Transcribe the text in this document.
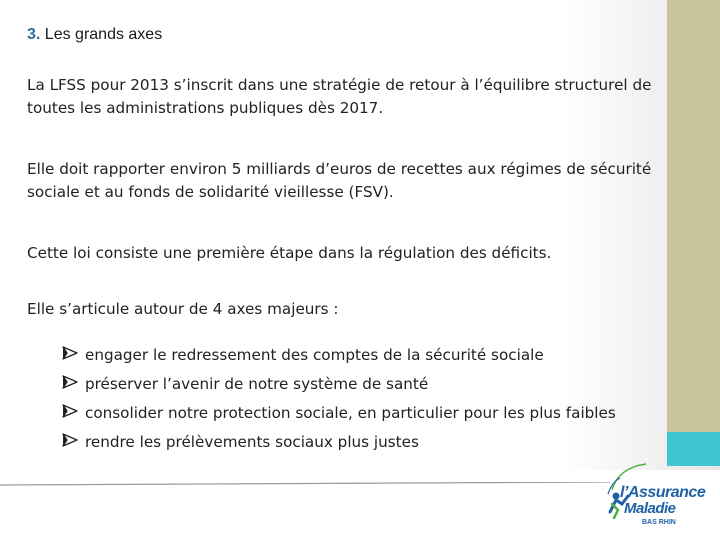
3. Les grands axes
La LFSS pour 2013 s’inscrit dans une stratégie de retour à l’équilibre structurel de toutes les administrations publiques dès 2017.
Elle doit rapporter environ 5 milliards d’euros de recettes aux régimes de sécurité sociale et au fonds de solidarité vieillesse (FSV).
Cette loi consiste une première étape dans la régulation des déficits.
Elle s’articule autour de 4 axes majeurs :
engager le redressement des comptes de la sécurité sociale
préserver l’avenir de notre système de santé
consolider notre protection sociale, en particulier pour les plus faibles
rendre les prélèvements sociaux plus justes
l’Assurance
Maladie
BAS RHIN
